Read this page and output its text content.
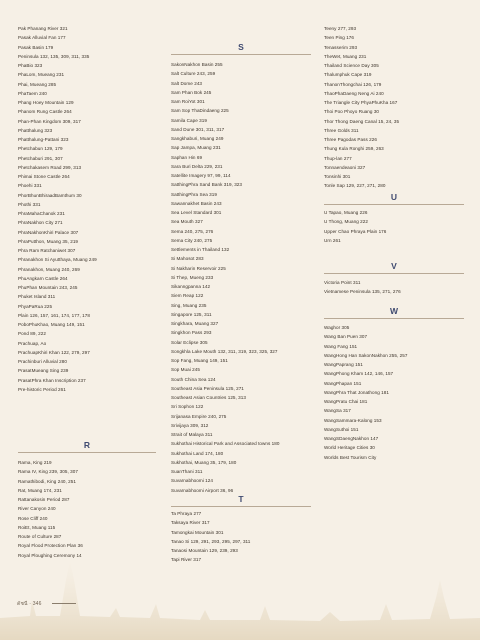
Pak Phanang River 321
Pasak Alluvial Fan 177
Pasak Basin 179
Peninsula 132, 135, 309, 311, 335
PhaBio 323
PhaLom, Mueang 231
Phai, Mueang 285
PhaTaem 240
Phang Hoey Mountain 129
Phanom Rung Castle 264
Phan-Phan Kingdom 309, 317
Phatthalung 323
Phatthalung-Pattani 323
Phetchabun 129, 179
Phetchaburi 291, 307
Phetchakasem Road 299, 313
Phimai Stone Castle 264
Phoehi 331
PhorBhunBhiraadBamthum 30
Phothi 331
PhraMahaChanok 231
PhraNakhon City 271
PhraNakhonKhiri Palace 307
PhraPutthon, Muang 35, 219
Phra Ram Ratchaniwet 307
Phranakhon Si Ayutthaya, Muang 249
Phranakhon, Muang 240, 269
PhuAngkarn Castle 264
PhuPhan Mountain 243, 245
Phuket Island 311
PhyaPaRua 225
Plain 126, 157, 161, 174, 177, 178
PoboPhuKhao, Muang 149, 151
Pond 89, 222
Prachuap, Ao
PrachuapKhiri Khan 122, 279, 297
Prachinburi Alluvial 280
PrasatMueang Sing 239
PrasatPhra Khan Inscription 237
Pre-historic Period 261
R
Rama, King 219
Rama IV, King 239, 305, 307
Ramathibodi, King 240, 251
Rat, Muang 174, 231
Rattanakosin Period 287
River Canyon 240
Rose Cliff 240
RoiEt, Muang 115
Route of Culture 287
Royal Flood Protection Plan 36
Royal Ploughing Ceremony 14
S
SakonNakhon Basin 255
Salt Culture 243, 259
Salt Dome 243
Sam Phan Bok 245
Sam RoiYot 301
Sam Sop ThaDindaeng 225
Samila Cape 319
Sand Dune 301, 311, 317
Sangkhaburi, Muang 249
Sap Jampa, Muang 231
Saphan Hin 69
Sara Buri Delta 229, 231
Satellite Imagery 97, 99, 114
SatthingPhra Sand Bank 319, 323
SatthingPhra Sea 319
Sawannakhet Basin 243
Sea Level Standard 301
Sea Mouth 327
Sema 240, 275, 276
Sema City 240, 275
Settlements in Thailand 132
Si Mahosot 283
Si Nakharin Reservoir 225
Si Thep, Mueng 233
Sikanngpanna 142
Siem Reap 122
Sing, Muang 235
Singapore 125, 311
Singkhara, Muang 327
Singkhon Pass 293
Solar Eclipse 305
Songkhla Lake Mouth 132, 311, 319, 323, 325, 327
Sop Fang, Muang 149, 151
Sop Muai 245
South China Sea 124
Southeast Asia Peninsula 125, 271
Southeast Asian Countries 125, 313
Sri Sophon 122
Srijanasa Empire 240, 275
Srivijaya 309, 312
Strait of Malaya 311
Sukhothai Historical Park and Associated towns 180
Sukhothai Land 174, 180
Sukhothai, Muang 35, 179, 180
SuanThani 311
Suvarnabhoomi 124
Suvarnabhoomi Airport 36, 96
T
Ta Phraya 277
Taksaya River 317
Tamongkai Mountain 301
Tanao Si 129, 291, 293, 295, 297, 311
Tanaosi Mountain 129, 239, 293
Tapi River 317
Teeny 277, 293
Teen Ping 176
Tenasserim 293
TheWet, Muang 231
Thailand Science Day 305
Thalumphuk Cape 319
ThanonThongchai 126, 179
ThaoPhaDaeng Neng Ai 240
The Triangle City PhyaPhuKha 167
Thoi Poo Phoyo Ruang 30
Thor Thong Daeng Canal 15, 24, 35
Three Golds 311
Three Pagodas Pass 226
Thung Kula Ronghi 259, 263
Thup-lan 277
Tonnaendeaoni 327
Tonsinhi 301
Tonle Sap 129, 227, 271, 280
U
U Tapao, Muang 226
U Thong, Muang 222
Upper Chao Phraya Plain 176
Urn 261
V
Victoria Point 311
Vietnamese Peninsula 135, 271, 276
W
Waghor 305
Wang Ban Puen 307
Wang Fang 151
WangHong Han SakonNakhon 255, 257
WangPaprang 151
WangPhong Kham 142, 146, 157
WangPhapan 151
WangPhra That Jonathong 181
WangPratu Chai 181
WangSa 317
WangSammara-Kalong 153
WangSuthoi 151
WangSDaengNakhon 147
World Heritage Cities 30
Worlds Best Tourism City
ดัชนี · 346
